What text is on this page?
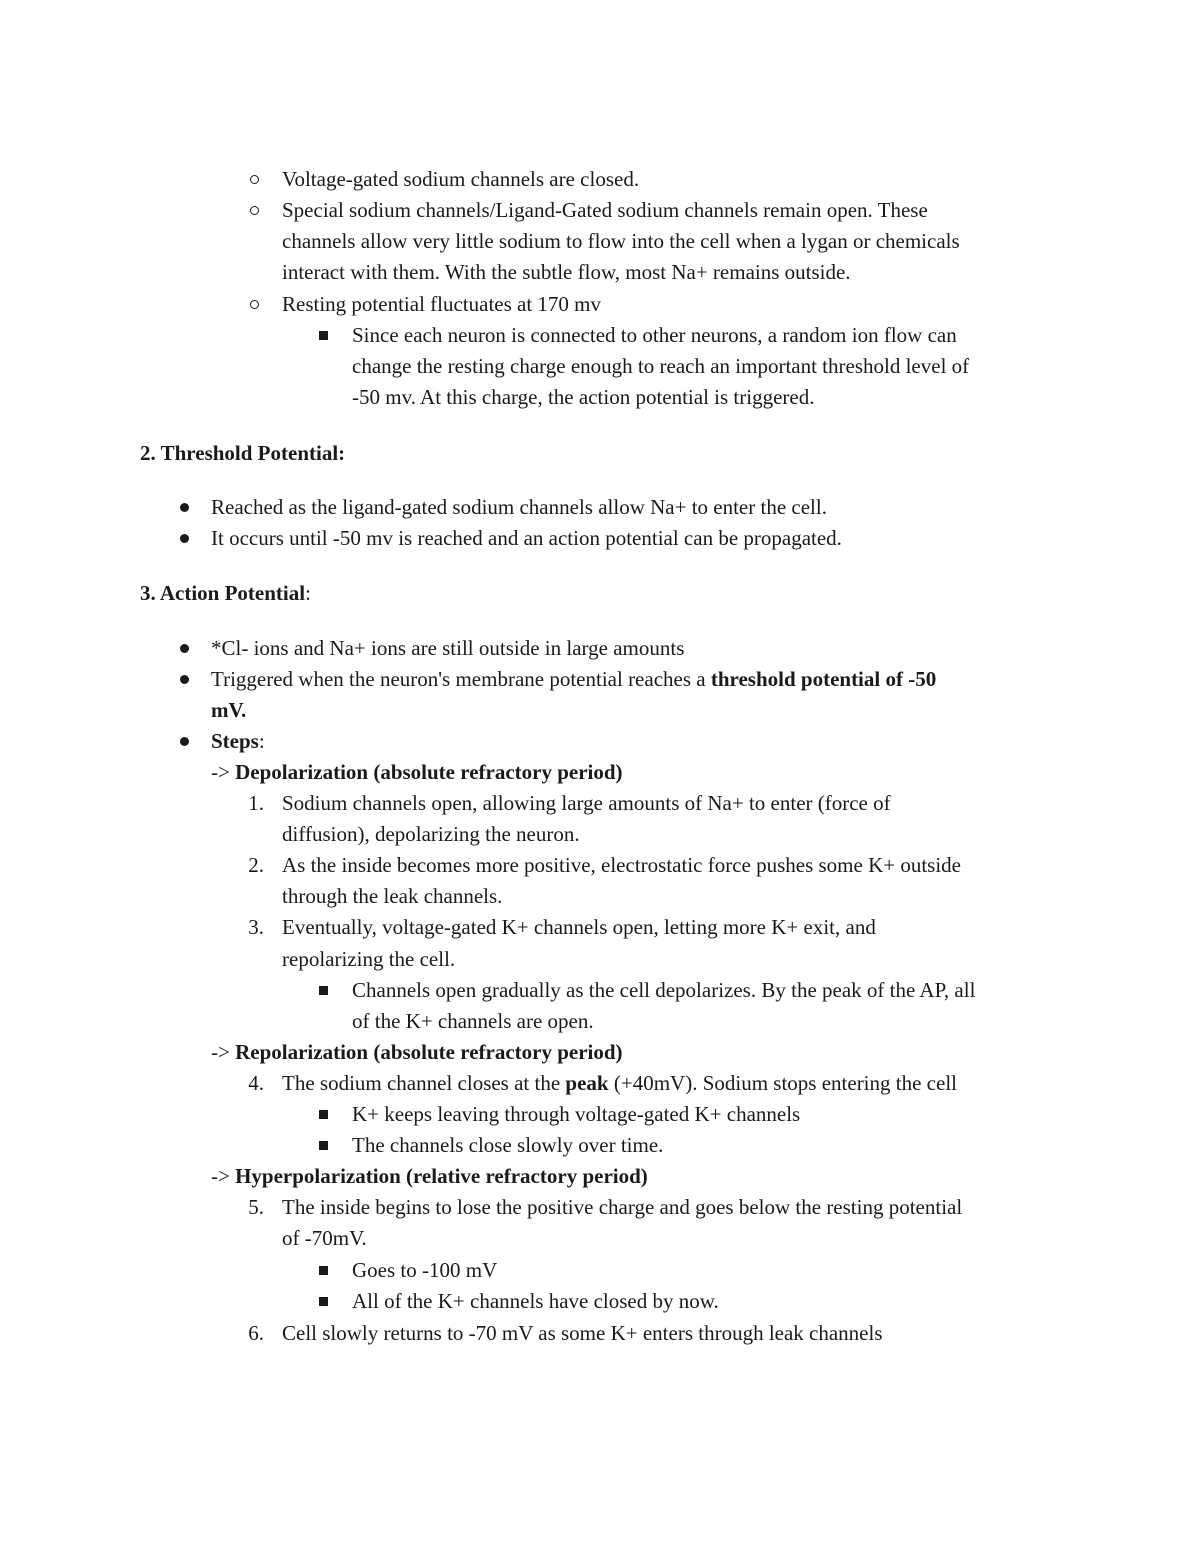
Voltage-gated sodium channels are closed.
Special sodium channels/Ligand-Gated sodium channels remain open. These
channels allow very little sodium to flow into the cell when a lygan or chemicals
interact with them. With the subtle flow, most Na+ remains outside.
Resting potential fluctuates at 170 mv
Since each neuron is connected to other neurons, a random ion flow can
change the resting charge enough to reach an important threshold level of
-50 mv. At this charge, the action potential is triggered.
2. Threshold Potential:
Reached as the ligand-gated sodium channels allow Na+ to enter the cell.
It occurs until -50 mv is reached and an action potential can be propagated.
3. Action Potential:
*Cl- ions and Na+ ions are still outside in large amounts
Triggered when the neuron's membrane potential reaches a threshold potential of -50
mV.
Steps:
-> Depolarization (absolute refractory period)
1. Sodium channels open, allowing large amounts of Na+ to enter (force of
diffusion), depolarizing the neuron.
2. As the inside becomes more positive, electrostatic force pushes some K+ outside
through the leak channels.
3. Eventually, voltage-gated K+ channels open, letting more K+ exit, and
repolarizing the cell.
Channels open gradually as the cell depolarizes. By the peak of the AP, all
of the K+ channels are open.
-> Repolarization (absolute refractory period)
4. The sodium channel closes at the peak (+40mV). Sodium stops entering the cell
K+ keeps leaving through voltage-gated K+ channels
The channels close slowly over time.
-> Hyperpolarization (relative refractory period)
5. The inside begins to lose the positive charge and goes below the resting potential
of -70mV.
Goes to -100 mV
All of the K+ channels have closed by now.
6. Cell slowly returns to -70 mV as some K+ enters through leak channels
